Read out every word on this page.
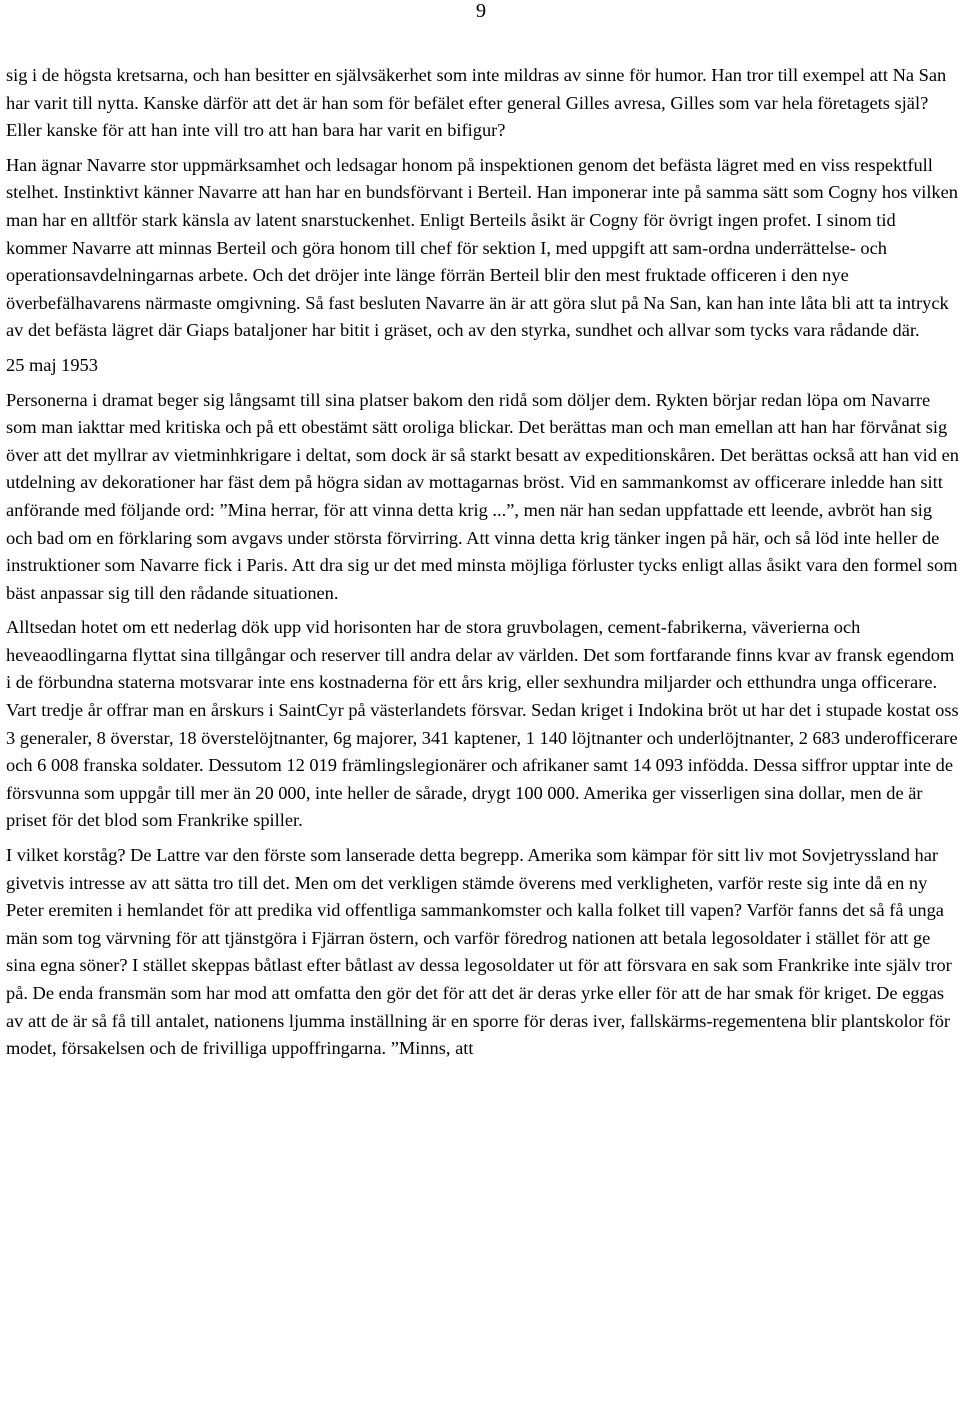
9

sig i de högsta kretsarna, och han besitter en självsäkerhet som inte mildras av sinne för humor. Han tror till exempel att Na San har varit till nytta. Kanske därför att det är han som för befälet efter general Gilles avresa, Gilles som var hela företagets själ? Eller kanske för att han inte vill tro att han bara har varit en bifigur?

Han ägnar Navarre stor uppmärksamhet och ledsagar honom på inspektionen genom det befästa lägret med en viss respektfull stelhet. Instinktivt känner Navarre att han har en bundsförvant i Berteil. Han imponerar inte på samma sätt som Cogny hos vilken man har en alltför stark känsla av latent snarstuckenhet. Enligt Berteils åsikt är Cogny för övrigt ingen profet. I sinom tid kommer Navarre att minnas Berteil och göra honom till chef för sektion I, med uppgift att sam-ordna underrättelse- och operationsavdelningarnas arbete. Och det dröjer inte länge förrän Berteil blir den mest fruktade officeren i den nye överbefälhavarens närmaste omgivning. Så fast besluten Navarre än är att göra slut på Na San, kan han inte låta bli att ta intryck av det befästa lägret där Giaps bataljoner har bitit i gräset, och av den styrka, sundhet och allvar som tycks vara rådande där.

25 maj 1953

Personerna i dramat beger sig långsamt till sina platser bakom den ridå som döljer dem. Rykten börjar redan löpa om Navarre som man iakttar med kritiska och på ett obestämt sätt oroliga blickar. Det berättas man och man emellan att han har förvånat sig över att det myllrar av vietminhkrigare i deltat, som dock är så starkt besatt av expeditionskåren. Det berättas också att han vid en utdelning av dekorationer har fäst dem på högra sidan av mottagarnas bröst. Vid en sammankomst av officerare inledde han sitt anförande med följande ord: ”Mina herrar, för att vinna detta krig ...”, men när han sedan uppfattade ett leende, avbröt han sig och bad om en förklaring som avgavs under största förvirring. Att vinna detta krig tänker ingen på här, och så löd inte heller de instruktioner som Navarre fick i Paris. Att dra sig ur det med minsta möjliga förluster tycks enligt allas åsikt vara den formel som bäst anpassar sig till den rådande situationen.

Alltsedan hotet om ett nederlag dök upp vid horisonten har de stora gruvbolagen, cement-fabrikerna, väverierna och heveaodlingarna flyttat sina tillgångar och reserver till andra delar av världen. Det som fortfarande finns kvar av fransk egendom i de förbundna staterna motsvarar inte ens kostnaderna för ett års krig, eller sexhundra miljarder och etthundra unga officerare. Vart tredje år offrar man en årskurs i SaintCyr på västerlandets försvar. Sedan kriget i Indokina bröt ut har det i stupade kostat oss 3 generaler, 8 överstar, 18 överstelöjtnanter, 6g majorer, 341 kaptener, 1 140 löjtnanter och underlöjtnanter, 2 683 underofficerare och 6 008 franska soldater. Dessutom 12 019 främlingslegionärer och afrikaner samt 14 093 infödda. Dessa siffror upptar inte de försvunna som uppgår till mer än 20 000, inte heller de sårade, drygt 100 000. Amerika ger visserligen sina dollar, men de är priset för det blod som Frankrike spiller.

I vilket korståg? De Lattre var den förste som lanserade detta begrepp. Amerika som kämpar för sitt liv mot Sovjetryssland har givetvis intresse av att sätta tro till det. Men om det verkligen stämde överens med verkligheten, varför reste sig inte då en ny Peter eremiten i hemlandet för att predika vid offentliga sammankomster och kalla folket till vapen? Varför fanns det så få unga män som tog värvning för att tjänstgöra i Fjärran östern, och varför föredrog nationen att betala legosoldater i stället för att ge sina egna söner? I stället skeppas båtlast efter båtlast av dessa legosoldater ut för att försvara en sak som Frankrike inte själv tror på. De enda fransmän som har mod att omfatta den gör det för att det är deras yrke eller för att de har smak för kriget. De eggas av att de är så få till antalet, nationens ljumma inställning är en sporre för deras iver, fallskärms-regementena blir plantskolor för modet, försakelsen och de frivilliga uppoffringarna. ”Minns, att
